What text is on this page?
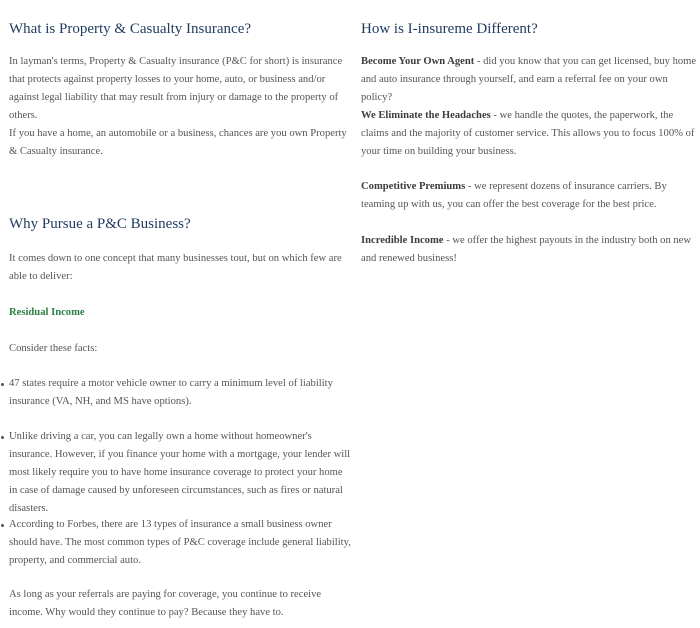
What is Property & Casualty Insurance?

In layman's terms, Property & Casualty insurance (P&C for short) is insurance that protects against property losses to your home, auto, or business and/or against legal liability that may result from injury or damage to the property of others.

If you have a home, an automobile or a business, chances are you own Property & Casualty insurance.

Why Pursue a P&C Business?

It comes down to one concept that many businesses tout, but on which few are able to deliver:

Residual Income

Consider these facts:

47 states require a motor vehicle owner to carry a minimum level of liability insurance (VA, NH, and MS have options).
Unlike driving a car, you can legally own a home without homeowner's insurance. However, if you finance your home with a mortgage, your lender will most likely require you to have home insurance coverage to protect your home in case of damage caused by unforeseen circumstances, such as fires or natural disasters.
According to Forbes, there are 13 types of insurance a small business owner should have. The most common types of P&C coverage include general liability, property, and commercial auto.

As long as your referrals are paying for coverage, you continue to receive income. Why would they continue to pay? Because they have to.

How is I-insureme Different?

Become Your Own Agent - did you know that you can get licensed, buy home and auto insurance through yourself, and earn a referral fee on your own policy?

We Eliminate the Headaches - we handle the quotes, the paperwork, the claims and the majority of customer service. This allows you to focus 100% of your time on building your business.

Competitive Premiums - we represent dozens of insurance carriers. By teaming up with us, you can offer the best coverage for the best price.

Incredible Income - we offer the highest payouts in the industry both on new and renewed business!
